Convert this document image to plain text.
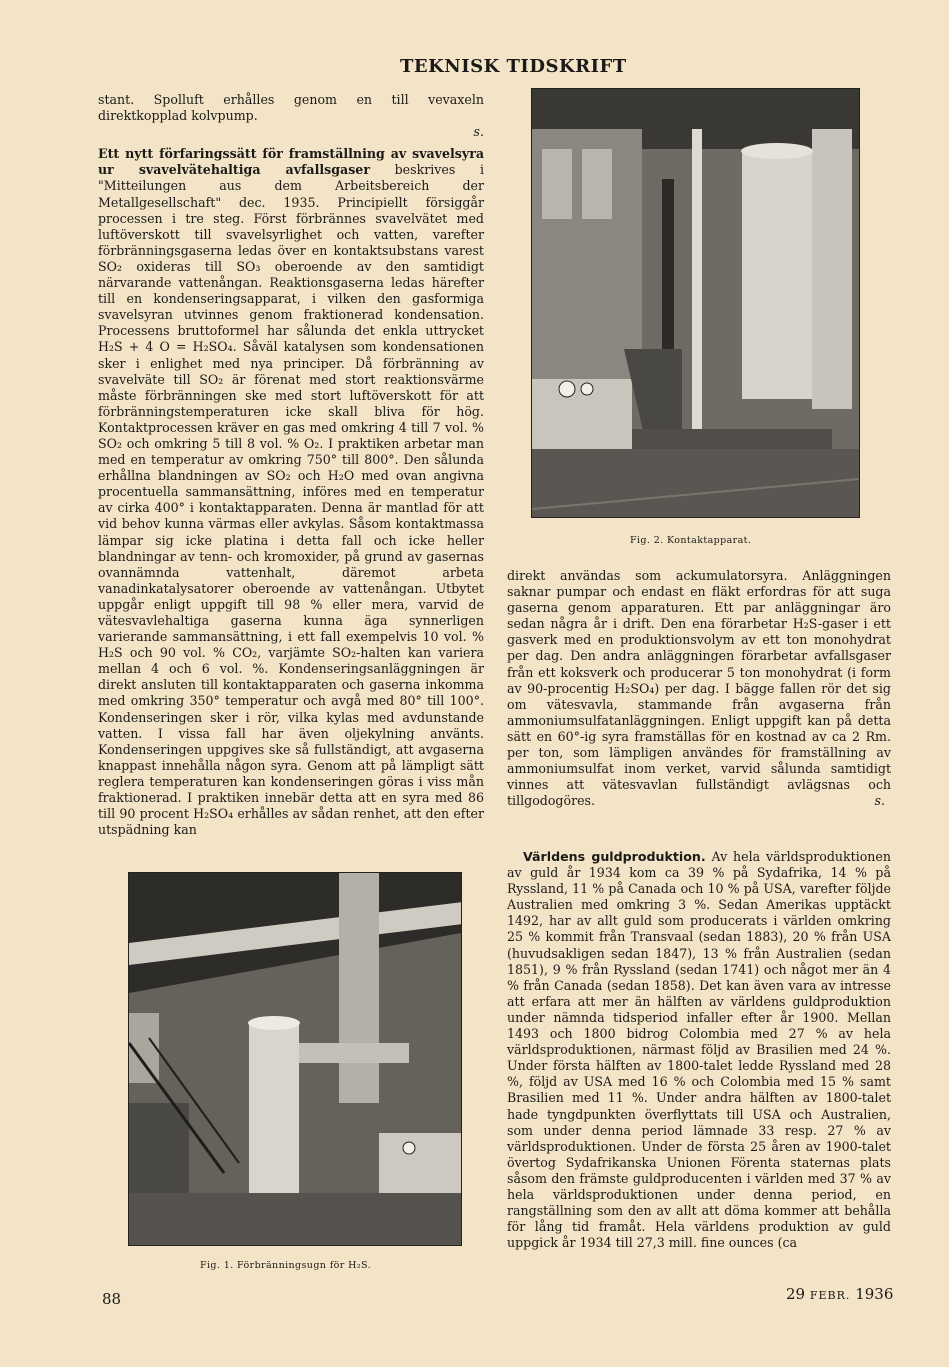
TEKNISK TIDSKRIFT

stant. Spolluft erhålles genom en till vevaxeln direktkopplad kolvpump.

s.

Ett nytt förfaringssätt för framställning av svavelsyra ur svavelvätehaltiga avfallsgaser beskrives i "Mitteilungen aus dem Arbeitsbereich der Metallgesellschaft" dec. 1935. Principiellt försiggår processen i tre steg. Först förbrännes svavelvätet med luftöverskott till svavelsyrlighet och vatten, varefter förbränningsgaserna ledas över en kontaktsubstans varest SO₂ oxideras till SO₃ oberoende av den samtidigt närvarande vattenångan. Reaktionsgaserna ledas härefter till en kondenseringsapparat, i vilken den gasformiga svavelsyran utvinnes genom fraktionerad kondensation. Processens bruttoformel har sålunda det enkla uttrycket H₂S + 4 O = H₂SO₄. Såväl katalysen som kondensationen sker i enlighet med nya principer. Då förbränning av svavelväte till SO₂ är förenat med stort reaktionsvärme måste förbränningen ske med stort luftöverskott för att förbränningstemperaturen icke skall bliva för hög. Kontaktprocessen kräver en gas med omkring 4 till 7 vol. % SO₂ och omkring 5 till 8 vol. % O₂. I praktiken arbetar man med en temperatur av omkring 750° till 800°. Den sålunda erhållna blandningen av SO₂ och H₂O med ovan angivna procentuella sammansättning, införes med en temperatur av cirka 400° i kontaktapparaten. Denna är mantlad för att vid behov kunna värmas eller avkylas. Såsom kontaktmassa lämpar sig icke platina i detta fall och icke heller blandningar av tenn- och kromoxider, på grund av gasernas ovannämnda vattenhalt, däremot arbeta vanadinkatalysatorer oberoende av vattenångan. Utbytet uppgår enligt uppgift till 98 % eller mera, varvid de vätesvavlehaltiga gaserna kunna äga synnerligen varierande sammansättning, i ett fall exempelvis 10 vol. % H₂S och 90 vol. % CO₂, varjämte SO₂-halten kan variera mellan 4 och 6 vol. %. Kondenseringsanläggningen är direkt ansluten till kontaktapparaten och gaserna inkomma med omkring 350° temperatur och avgå med 80° till 100°. Kondenseringen sker i rör, vilka kylas med avdunstande vatten. I vissa fall har även oljekylning använts. Kondenseringen uppgives ske så fullständigt, att avgaserna knappast innehålla någon syra. Genom att på lämpligt sätt reglera temperaturen kan kondenseringen göras i viss mån fraktionerad. I praktiken innebär detta att en syra med 86 till 90 procent H₂SO₄ erhålles av sådan renhet, att den efter utspädning kan

Fig. 2. Kontaktapparat.

direkt användas som ackumulatorsyra. Anläggningen saknar pumpar och endast en fläkt erfordras för att suga gaserna genom apparaturen. Ett par anläggningar äro sedan några år i drift. Den ena förarbetar H₂S-gaser i ett gasverk med en produktionsvolym av ett ton monohydrat per dag. Den andra anläggningen förarbetar avfallsgaser från ett koksverk och producerar 5 ton monohydrat (i form av 90-procentig H₂SO₄) per dag. I bägge fallen rör det sig om vätesvavla, stammande från avgaserna från ammoniumsulfatanläggningen. Enligt uppgift kan på detta sätt en 60°-ig syra framställas för en kostnad av ca 2 Rm. per ton, som lämpligen användes för framställning av ammoniumsulfat inom verket, varvid sålunda samtidigt vinnes att vätesvavlan fullständigt avlägsnas och tillgodogöres.	s.

Världens guldproduktion. Av hela världsproduktionen av guld år 1934 kom ca 39 % på Sydafrika, 14 % på Ryssland, 11 % på Canada och 10 % på USA, varefter följde Australien med omkring 3 %. Sedan Amerikas upptäckt 1492, har av allt guld som producerats i världen omkring 25 % kommit från Transvaal (sedan 1883), 20 % från USA (huvudsakligen sedan 1847), 13 % från Australien (sedan 1851), 9 % från Ryssland (sedan 1741) och något mer än 4 % från Canada (sedan 1858). Det kan även vara av intresse att erfara att mer än hälften av världens guldproduktion under nämnda tidsperiod infaller efter år 1900. Mellan 1493 och 1800 bidrog Colombia med 27 % av hela världsproduktionen, närmast följd av Brasilien med 24 %. Under första hälften av 1800-talet ledde Ryssland med 28 %, följd av USA med 16 % och Colombia med 15 % samt Brasilien med 11 %. Under andra hälften av 1800-talet hade tyngdpunkten överflyttats till USA och Australien, som under denna period lämnade 33 resp. 27 % av världsproduktionen. Under de första 25 åren av 1900-talet övertog Sydafrikanska Unionen Förenta staternas plats såsom den främste guldproducenten i världen med 37 % av hela världsproduktionen under denna period, en rangställning som den av allt att döma kommer att behålla för lång tid framåt. Hela världens produktion av guld uppgick år 1934 till 27,3 mill. fine ounces (ca

Fig. 1. Förbränningsugn för H₂S.
88	29 FEBR. 1936
